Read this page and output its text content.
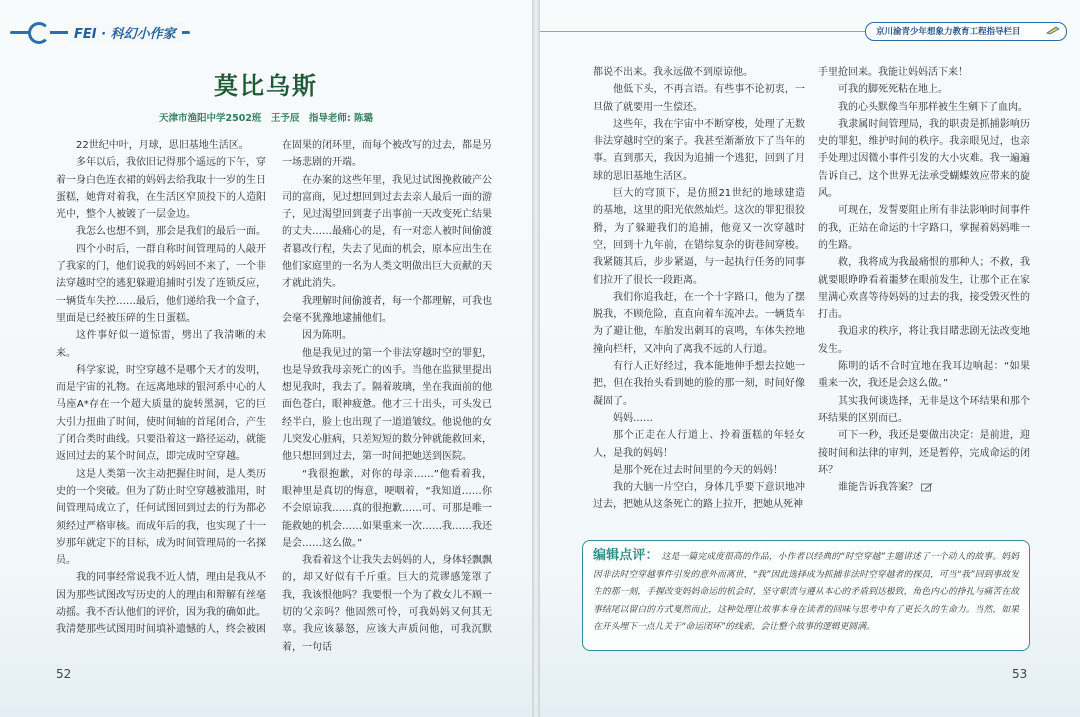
FEI · 科幻小作家
莫比乌斯
天津市渔阳中学2502班　王予辰　指导老师: 陈璐

22世纪中叶，月球，思旧基地生活区。

多年以后，我依旧记得那个遥远的下午，穿着一身白色连衣裙的妈妈去给我取十一岁的生日蛋糕，她背对着我，在生活区窄顶投下的人造阳光中，整个人被镀了一层金边。

我怎么也想不到，那会是我们的最后一面。

四个小时后，一群自称时间管理局的人敲开了我家的门，他们说我的妈妈回不来了，一个非法穿越时空的逃犯躲避追捕时引发了连锁反应，一辆货车失控……最后，他们递给我一个盒子，里面是已经被压碎的生日蛋糕。

这件事好似一道惊雷，劈出了我清晰的未来。

科学家说，时空穿越不是哪个天才的发明，而是宇宙的礼物。在远离地球的银河系中心的人马座A*存在一个超大质量的旋转黑洞，它的巨大引力扭曲了时间，使时间轴的首尾闭合，产生了闭合类时曲线。只要沿着这一路径运动，就能返回过去的某个时间点，即完成时空穿越。

这是人类第一次主动把握住时间，是人类历史的一个突破。但为了防止时空穿越被滥用，时间管理局成立了，任何试图回到过去的行为都必须经过严格审核。而成年后的我，也实现了十一岁那年就定下的目标，成为时间管理局的一名探员。

我的同事经常说我不近人情，理由是我从不因为那些试图改写历史的人的理由和辩解有丝毫动摇。我不否认他们的评价，因为我的确如此。我清楚那些试图用时间填补遗憾的人，终会被困

在固果的闭环里，而每个被改写的过去，都是另一场悲剧的开端。

在办案的这些年里，我见过试图挽救破产公司的富商，见过想回到过去去亲人最后一面的游子，见过渴望回到妻子出事前一天改变死亡结果的丈夫……最痛心的是，有一对恋人被时间偷渡者篡改行程，失去了见面的机会，原本应出生在他们家庭里的一名为人类文明做出巨大贡献的天才就此消失。

我理解时间偷渡者，每一个都理解，可我也会毫不犹豫地逮捕他们。

因为陈明。

他是我见过的第一个非法穿越时空的罪犯，也是导致我母亲死亡的凶手。当他在监狱里提出想见我时，我去了。隔着玻璃，坐在我面前的他面色苍白，眼神疲惫。他才三十出头，可头发已经半白，脸上也出现了一道道皱纹。他说他的女儿突发心脏病，只差短短的数分钟就能救回来，他只想回到过去，第一时间把她送到医院。

“我很抱歉，对你的母亲……”他看着我，眼神里是真切的悔意，哽咽着，“我知道……你不会原谅我……真的很抱歉……可、可那是唯一能救她的机会……如果重来一次……我……我还是会……这么做。”

我看着这个让我失去妈妈的人，身体轻飘飘的，却又好似有千斤重。巨大的荒谬感笼罩了我，我该恨他吗？我要恨一个为了救女儿不顾一切的父亲吗？他固然可怜，可我妈妈又何其无辜。我应该暴怒，应该大声质问他，可我沉默着，一句话

52
京川渝青少年想象力教育工程指导栏目

都说不出来。我永远做不到原谅他。

他低下头，不再言语。有些事不论初衷，一旦做了就要用一生偿还。

这些年，我在宇宙中不断穿梭，处理了无数非法穿越时空的案子。我甚至渐渐放下了当年的事。直到那天，我因为追捕一个逃犯，回到了月球的思旧基地生活区。

巨大的穹顶下，是仿照21世纪的地球建造的基地，这里的阳光依然灿烂。这次的罪犯很狡猾，为了躲避我们的追捕，他竟又一次穿越时空，回到十九年前，在错综复杂的街巷间穿梭。我紧随其后，步步紧逼，与一起执行任务的同事们拉开了很长一段距离。

我们你追我赶，在一个十字路口，他为了摆脱我，不顾危险，直直向着车流冲去。一辆货车为了避让他，车胎发出刺耳的哀鸣，车体失控地撞向栏杆，又冲向了离我不远的人行道。

有行人正好经过，我本能地伸手想去拉她一把，但在我抬头看到她的脸的那一刻，时间好像凝固了。

妈妈……

那个正走在人行道上、拎着蛋糕的年轻女人，是我的妈妈！

是那个死在过去时间里的今天的妈妈！

我的大脑一片空白，身体几乎要下意识地冲过去，把她从这条死亡的路上拉开，把她从死神

手里抢回来。我能让妈妈活下来！

可我的脚死死粘在地上。

我的心头默像当年那样被生生剜下了血肉。

我隶属时间管理局，我的职责是抓捕影响历史的罪犯，维护时间的秩序。我亲眼见过，也亲手处理过因微小事件引发的大小灾难。我一遍遍告诉自己，这个世界无法承受蝴蝶效应带来的旋风。

可现在，发誓要阻止所有非法影响时间事件的我，正站在命运的十字路口，掌握着妈妈唯一的生路。

救，我将成为我最痛恨的那种人；不救，我就要眼睁睁看着噩梦在眼前发生，让那个正在家里满心欢喜等待妈妈的过去的我，接受毁灭性的打击。

我追求的秩序，将让我目睹悲剧无法改变地发生。

陈明的话不合时宜地在我耳边响起：“如果重来一次，我还是会这么做。”

其实我何谈选择，无非是这个环结果和那个环结果的区别而已。

可下一秒，我还是要做出决定：是前进，迎接时间和法律的审判，还是暂停，完成命运的闭环？

谁能告诉我答案？

编辑点评： 这是一篇完成度很高的作品，小作者以经典的“时空穿越”主题讲述了一个动人的故事。妈妈因非法时空穿越事件引发的意外而离世，“我”因此选择成为抓捕非法时空穿越者的探员，可当“我”回到事故发生的那一刻，手握改变妈妈命运的机会时，坚守职责与遵从本心的矛盾到达极致，角色内心的挣扎与痛苦在故事结尾以留白的方式戛然而止，这种处理让故事本身在读者的回味与思考中有了更长久的生命力。当然，如果在开头埋下一点儿关于“命运闭环”的线索，会让整个故事的逻辑更圆满。
53
